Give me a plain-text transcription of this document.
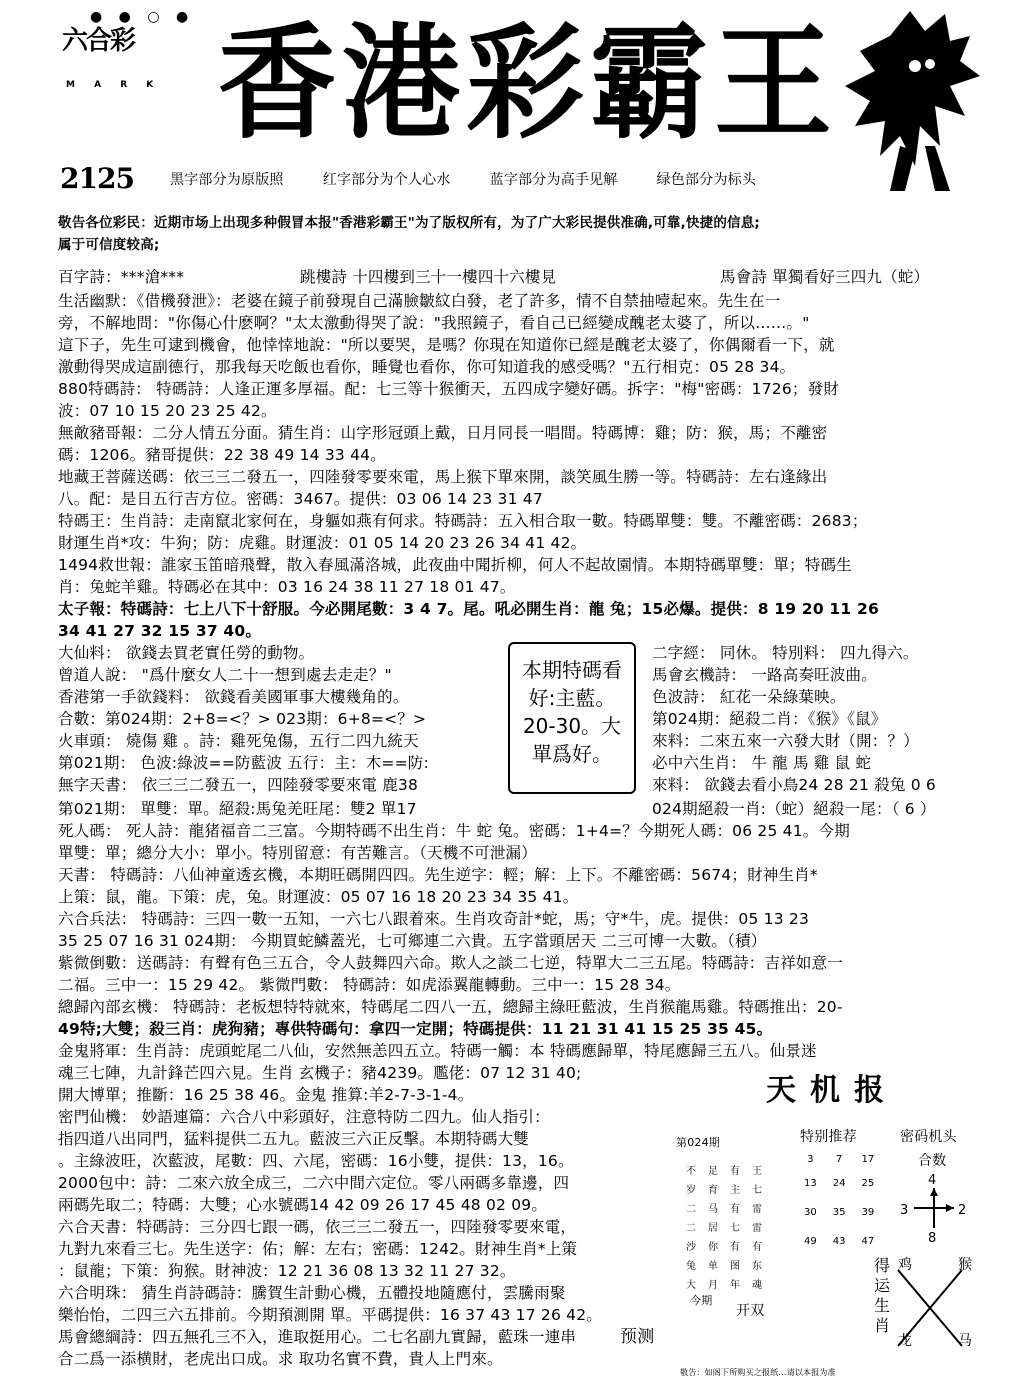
● ● ○ ●
六合彩
M A R K 香港彩霸王
2125	黑字部分为原版照	红字部分为个人心水	蓝字部分为高手见解	绿色部分为标头
敬告各位彩民：近期市场上出现多种假冒本报"香港彩霸王"为了版权所有，为了广大彩民提供准确,可靠,快捷的信息;
属于可信度较高;
百字詩：***滄***	跳樓詩 十四樓到三十一樓四十六樓見	馬會詩 單獨看好三四九（蛇）
生活幽默：《借機發泄》：老婆在鏡子前發現自己滿臉皺紋白發，老了許多，情不自禁抽噎起來。先生在一
旁，不解地問："你傷心什麽啊？"太太激動得哭了說："我照鏡子，看自己已經變成醜老太婆了，所以……。"
這下子，先生可逮到機會，他悻悻地說："所以要哭，是嗎？你現在知道你已經是醜老太婆了，你偶爾看一下，就
激動得哭成這副德行，那我每天吃飯也看你，睡覺也看你，你可知道我的感受嗎？"五行相克：05 28 34。
880特碼詩： 特碼詩：人逢正運多厚福。配：七三等十猴衝天，五四成字變好碼。拆字："梅"密碼：1726；發財
波：07 10 15 20 23 25 42。
無敵豬哥報：二分人情五分面。猜生肖：山字形冠頭上戴，日月同長一唱間。特碼博：雞；防：猴，馬；不離密
碼：1206。豬哥提供：22 38 49 14 33 44。
地藏王菩薩送碼：依三三二發五一，四陸發零要來電，馬上猴下單來開，談笑風生勝一等。特碼詩：左右逢緣出
八。配：是日五行吉方位。密碼：3467。提供：03 06 14 23 31 47
特碼王：生肖詩：走南竄北家何在，身軀如燕有何求。特碼詩：五入相合取一數。特碼單雙：雙。不離密碼：2683；
財運生肖*攻：牛狗；防：虎雞。財運波：01 05 14 20 23 26 34 41 42。
1494救世報：誰家玉笛暗飛聲，散入春風滿洛城，此夜曲中聞折柳，何人不起故園情。本期特碼單雙：單；特碼生
肖：兔蛇羊雞。特碼必在其中：03 16 24 38 11 27 18 01 47。
太子報：特碼詩：七上八下十舒服。今必開尾數：3 4 7。尾。吼必開生肖：龍 兔；15必爆。提供：8 19 20 11 26
34 41 27 32 15 37 40。
大仙料： 欲錢去買老實任勞的動物。
曾道人說： "爲什麼女人二十一想到處去走走？"
香港第一手欲錢料： 欲錢看美國軍事大樓幾角的。
合數：第024期：2+8=<？> 023期：6+8=<？>
火車頭： 燒傷 雞 。詩：雞死兔傷，五行二四九統天
第021期： 色波:綠波==防藍波 五行：主：木==防:
無字天書： 依三三二發五一，四陸發零要來電 鹿38
本期特碼看
好:主藍。
20-30。大
單爲好。
二字經： 同休。 特別料： 四九得六。
馬會玄機詩： 一路高奏旺波曲。
色波詩： 紅花一朵綠葉映。
第024期：絕殺二肖：《猴》《鼠》
來料：二來五來一六發大財（開：？）
必中六生肖： 牛 龍 馬 雞 鼠 蛇
來料： 欲錢去看小鳥24 28 21 殺兔 0 6
第021期： 單雙：單。絕殺:馬兔羌旺尾：雙2 單17	024期絕殺一肖:（蛇）絕殺一尾：（ 6 ）
死人碼： 死人詩：龍猪福音二三富。今期特碼不出生肖：牛 蛇 兔。密碼：1+4=？今期死人碼：06 25 41。今期
單雙：單；總分大小：單小。特別留意：有苦難言。（天機不可泄漏）
天書： 特碼詩：八仙神童透玄機，本期旺碼開四四。先生逆字：輕；解：上下。不離密碼：5674；財神生肖*
上策：鼠，龍。下策：虎，兔。財運波：05 07 16 18 20 23 34 35 41。
六合兵法： 特碼詩：三四一數一五知，一六七八跟着來。生肖攻奇計*蛇，馬；守*牛，虎。提供：05 13 23
35 25 07 16 31 024期： 今期買蛇鱗蓋光，七可鄉連二六貴。五字當頭居天 二三可博一大數。（積）
紫微倒數：送碼詩：有聲有色三五合，令人鼓舞四六命。欺人之談二七逆，特單大二三五尾。特碼詩：吉祥如意一
二福。三中一：15 29 42。 紫微門數： 特碼詩：如虎添翼龍轉動。三中一：15 28 34。
總歸內部玄機： 特碼詩：老板想特特就來，特碼尾二四八一五，總歸主綠旺藍波，生肖猴龍馬雞。特碼推出：20-
49特;大雙；殺三肖：虎狗豬；專供特碼句：拿四一定開；特碼提供：11 21 31 41 15 25 35 45。
金鬼將軍：生肖詩：虎頭蛇尾二八仙，安然無恙四五立。特碼一觸：本 特碼應歸單，特尾應歸三五八。仙景迷
魂三七陣，九計鋒芒四六見。生肖 玄機子：豬4239。尶佬：07 12 31 40;
開大博單；推斷：16 25 38 46。金鬼 推算:羊2-7-3-1-4。
密門仙機： 妙語連篇：六合八中彩頭好，注意特防二四九。仙人指引：
指四道八出同門，猛料提供二五九。藍波三六正反擊。本期特碼大雙
。主綠波旺，次藍波，尾數：四、六尾，密碼：16小雙，提供：13，16。
2000包中：詩：二來六放全成三，二六中間六定位。零八兩碼多靠邊，四
兩碼先取二；特碼：大雙；心水號碼14 42 09 26 17 45 48 02 09。
六合天書：特碼詩：三分四七跟一碼，依三三二發五一，四陸發零要來電，
九對九來看三七。先生送字：佑；解：左右；密碼：1242。財神生肖*上策
：鼠龍；下策：狗猴。財神波：12 21 36 08 13 32 11 27 32。
六合明珠： 猜生肖詩碼詩：騰賀生計動心機，五體投地隨應付，雲騰雨聚
樂怡怡，二四三六五排前。今期預測開 單。平碼提供：16 37 43 17 26 42。
馬會總綱詩：四五無孔三不入，進取挺用心。二七名副九實歸，藍珠一連串
合二爲一添横財，老虎出口成。求 取功名實不費，貴人上門來。
天机报
第024期	特别推荐	密码机头
合数
不	足	有	王
岁	育	主	七
二	马	有	雷
二	居	七	雷
沙	你	有	有
兔	单	图	东
大	月	年	魂
3	7	17
13	24	25
30	35	39
49	43	47
4
3	2
8
鸡	猴
龙	马
得运生肖
今期
预测
开双
敬告：如阁下所购买之报纸...请以本报为准
